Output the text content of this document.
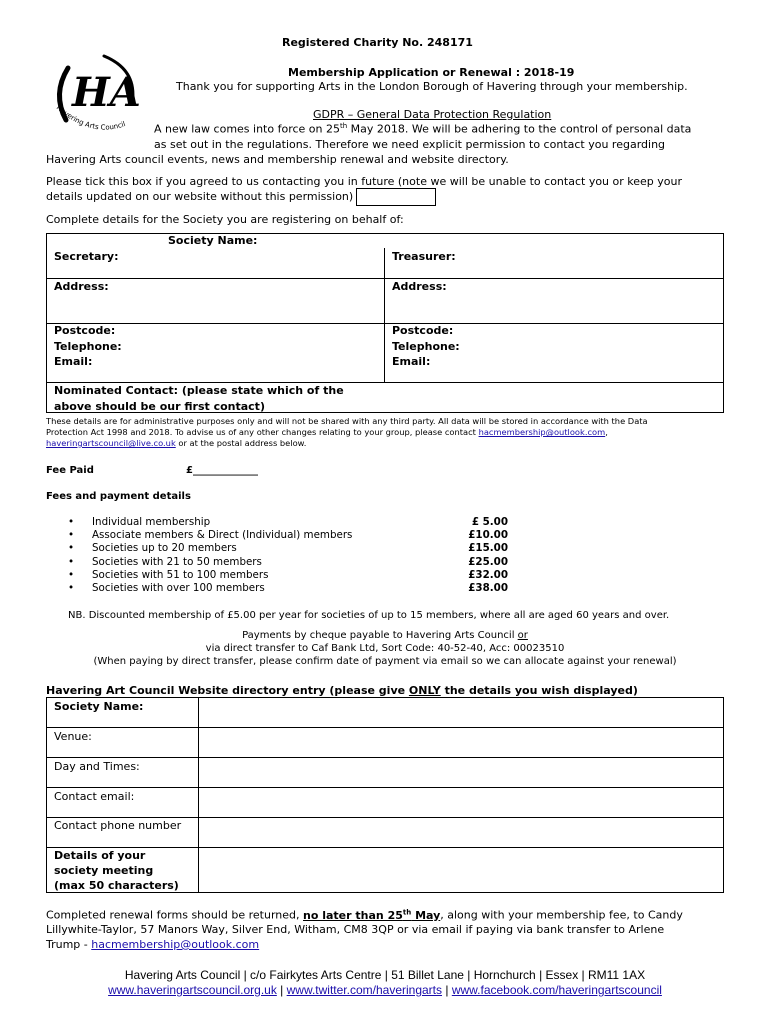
HA
Havering Arts Council
Registered Charity No. 248171
Membership Application or Renewal : 2018-19
Thank you for supporting Arts in the London Borough of Havering through your membership.
GDPR – General Data Protection Regulation
A new law comes into force on 25th May 2018. We will be adhering to the control of personal data
as set out in the regulations. Therefore we need explicit permission to contact you regarding
Havering Arts council events, news and membership renewal and website directory.
Please tick this box if you agreed to us contacting you in future (note we will be unable to contact you or keep your
details updated on our website without this permission)
Complete details for the Society you are registering on behalf of:
Society Name:
Secretary:	Treasurer:
Address:	Address:
Postcode:
Telephone:
Email:
Postcode:
Telephone:
Email:
Nominated Contact: (please state which of the
above should be our first contact)
These details are for administrative purposes only and will not be shared with any third party. All data will be stored in accordance with the Data
Protection Act 1998 and 2018. To advise us of any other changes relating to your group, please contact hacmembership@outlook.com,
haveringartscouncil@live.co.uk or at the postal address below.
Fee Paid	£_____________
Fees and payment details
• Individual membership	£ 5.00
• Associate members & Direct (Individual) members	£10.00
• Societies up to 20 members	£15.00
• Societies with 21 to 50 members	£25.00
• Societies with 51 to 100 members	£32.00
• Societies with over 100 members	£38.00
NB. Discounted membership of £5.00 per year for societies of up to 15 members, where all are aged 60 years and over.
Payments by cheque payable to Havering Arts Council or
via direct transfer to Caf Bank Ltd, Sort Code: 40-52-40, Acc: 00023510
(When paying by direct transfer, please confirm date of payment via email so we can allocate against your renewal)
Havering Art Council Website directory entry (please give ONLY the details you wish displayed)
Society Name:
Venue:
Day and Times:
Contact email:
Contact phone number
Details of your
society meeting
(max 50 characters)
Completed renewal forms should be returned, no later than 25th May, along with your membership fee, to Candy
Lillywhite-Taylor, 57 Manors Way, Silver End, Witham, CM8 3QP or via email if paying via bank transfer to Arlene
Trump - hacmembership@outlook.com
Havering Arts Council | c/o Fairkytes Arts Centre | 51 Billet Lane | Hornchurch | Essex | RM11 1AX
www.haveringartscouncil.org.uk | www.twitter.com/haveringarts | www.facebook.com/haveringartscouncil
